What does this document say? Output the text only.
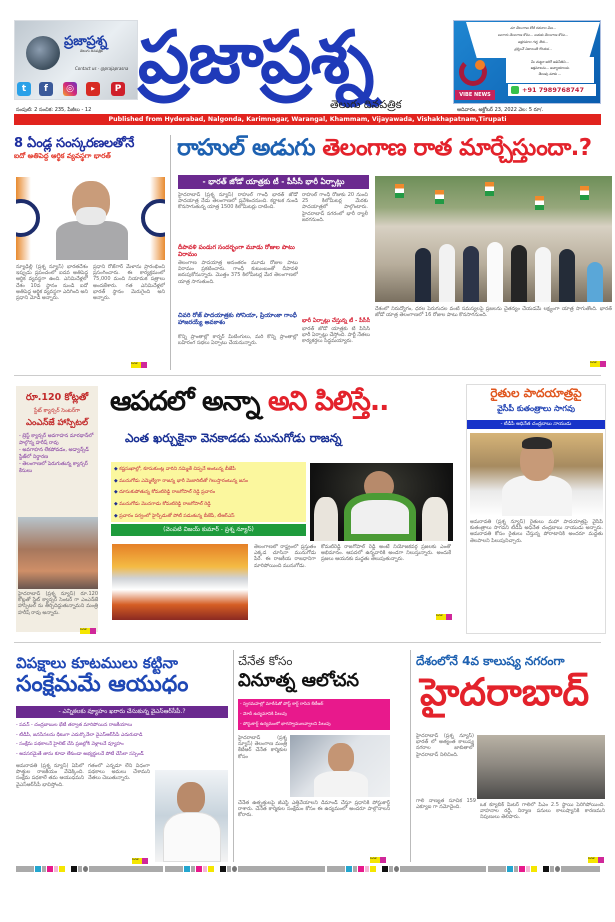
ప్రజాప్రశ్న
తెలుగు దినపత్రిక
Contact us - @prajaprasna
t	f	◎	▶	P ప్రజాప్రశ్న
తెలుగు దినపత్రిక
మా తెలంగాణ కోటి రతనాల వీణ...
బంగారు తెలంగాణ కోసం... బతుకు తెలంగాణ కోసం...
అక్షరమాల గళ్ళ తీరు...
ప్రశ్నించే నిజాయితీ గొంతుక...
VIBE NEWS
మీ చుట్టూ జరిగే అవినీతిని...
అక్రమాలను... అన్యాయాలను
తెలుపు మాకు ...
+91 7989768747
సంపుటి: 2 సంచిక: 235, పేజీలు - 12	ఆదివారం, అక్టోబర్ 23, 2022 వెల: 5 రూ/.
Published from Hyderabad, Nalgonda, Karimnagar, Warangal, Khammam, Vijayawada, Vishakhapatnam,Tirupati
8 ఏండ్ల సంస్కరణలతోనే
ఐదో అతిపెద్ద ఆర్థిక వ్యవస్థగా భారత్
న్యూఢిల్లీ (ప్రశ్న న్యూస్) భారతదేశం ఇప్పుడు ప్రపంచంలో ఐదవ అతిపెద్ద ఆర్థిక వ్యవస్థగా ఉంది. ఎనిమిదేళ్లలో దేశం 10వ స్థానం నుండి ఐదో అతిపెద్ద ఆర్థిక వ్యవస్థగా ఎదిగింది అని ప్రధాని మోడీ అన్నారు.
ప్రధాని రోజ్‌గార్ మేళాను ప్రారంభించి ప్రసంగించారు. ఈ కార్యక్రమంలో 75,000 మంది నియామక పత్రాలు అందజేశారు. గత ఎనిమిదేళ్లలో భారత్ స్థానం మెరుగైంది అని అన్నారు.
మిగతా
రాహుల్ అడుగు తెలంగాణ రాత మార్చేస్తుందా.?
- భారత్ జోడో యాత్రకు టీ - పీసీసీ భారీ ఏర్పాట్లు
హైదరాబాద్ (ప్రశ్న న్యూస్) రాహుల్ గాంధీ భారత్ జోడో పాదయాత్ర నేడు తెలంగాణలో ప్రవేశించనుంది. కర్ణాటక నుండి కొనసాగుతున్న యాత్ర 1500 కిలోమీటర్లు దాటింది.
రాహుల్ గాంధీ రోజుకు 20 నుంచి 25 కిలోమీటర్ల మేరకు పాదయాత్రలో పాల్గొంటారు. హైదరాబాద్ నగరంలో భారీ ర్యాలీ జరగనుంది.
దీపావళి పండుగ సందర్భంగా మూడు రోజుల పాటు విరామం
తెలంగాణ పాదయాత్ర అనంతరం మూడు రోజుల పాటు విరామం ప్రకటించారు. గాంధీ కుటుంబంతో దీపావళి జరుపుకోనున్నారు. మొత్తం 375 కిలోమీటర్ల మేర తెలంగాణలో యాత్ర సాగుతుంది.
చివరి రోజ్ పాదయాత్రకు సోనియా, ప్రియాంకా గాంధీ హాజరయ్యే అవకాశం
కొన్ని ప్రాంతాల్లో కార్నర్ మీటింగులు, మరి కొన్ని ప్రాంతాల్లో బహిరంగ సభలు ఏర్పాటు చేయనున్నారు.
భారీ ఏర్పాట్లు చేస్తున్న టీ - పీసీసీ
భారత్ జోడో యాత్రకు టీ పీసీసీ భారీ ఏర్పాట్లు చేస్తోంది. పార్టీ నేతలు కార్యకర్తలు సిద్ధమయ్యారు.
దేశంలో నిరుద్యోగం, ధరల పెరుగుదల వంటి సమస్యలపై ప్రజలను చైతన్యం చేయడమే లక్ష్యంగా యాత్ర సాగుతోంది. భారత్ జోడో యాత్ర తెలంగాణలో 16 రోజుల పాటు కొనసాగనుంది.
మిగతా
రూ.120 కోట్లతో
స్టేట్ క్యాన్సర్ సెంటర్‌గా
ఎంఎన్‌జే హాస్పిటల్
- బ్రెస్ట్ క్యాన్సర్ అవగాహన మారథాన్‌లో పాల్గొన్న హరీష్ రావు
- అవగాహన లేకపోవడం, అడ్వాన్స్‌డ్ స్టేజ్‌లో నిర్ధారణ
- తెలంగాణలో పెరుగుతున్న క్యాన్సర్ కేసులు
హైదరాబాద్ (ప్రశ్న న్యూస్) రూ.120 కోట్లతో స్టేట్ క్యాన్సర్ సెంటర్ గా ఎంఎన్‌జే హాస్పిటల్ ను తీర్చిదిద్దుతున్నామని మంత్రి హరీష్ రావు అన్నారు.
మిగతా
ఆపదలో అన్నా అని పిలిస్తే..
ఎంత ఖర్చుకైనా వెనకాడడు మునుగోడు రాజన్న
◆ కష్టసుఖాల్లో, కూసుకుంట్ల వారిని నమ్మితే చిప్పనే అంటున్న బీజేపీ
◆ మునుగోడు ఎమ్మెల్యేగా రాజన్న భారీ మెజారిటీతో గెలుస్తారంటున్న జనం
◆ దూసుకుపోతున్న కోమటిరెడ్డి రాజగోపాల్ రెడ్డి ప్రచారం
◆ మునుగోడు మొనగాడు కోమటిరెడ్డి రాజగోపాల్ రెడ్డి
◆ ప్రచారం పర్వంలో హైస్పీడుతో పోటీ పడుతున్న బీజేపీ, టీఆర్ఎస్
(వెంపటి విజయ్ కుమార్ - ప్రశ్న న్యూస్)
తెలంగాణలో రాష్ట్రంలో ప్రస్తుతం ఎక్కడ చూసినా మునుగోడు పేరే. ఈ రాజకీయ రాజధానిగా మారిపోయింది మునుగోడు.
కోమటిరెడ్డి రాజగోపాల్ రెడ్డి అంటే నియోజకవర్గ ప్రజలకు ఎంతో అభిమానం. ఆపదలో ఉన్నవారికి అండగా నిలుస్తున్నారు. అందుకే ప్రజలు ఆయనకు మద్దతు తెలుపుతున్నారు.
మిగతా
రైతుల పాదయాత్రపై
వైసీపీ కుతంత్రాలు సాగవు
- టీడీపీ అధినేత చంద్రబాబు నాయుడు
అమరావతి (ప్రశ్న న్యూస్) రైతులు మహా పాదయాత్రపై వైసీపీ కుతంత్రాలు సాగవని టీడీపీ అధినేత చంద్రబాబు నాయుడు అన్నారు. అమరావతి కోసం రైతులు చేస్తున్న పోరాటానికి అందరూ మద్దతు తెలపాలని పిలుపునిచ్చారు.
విపక్షాలు కూటములు కట్టినా
సంక్షేమమే ఆయుధం
- ఎన్నికలకు వ్యూహం ఖరారు చేసుకున్న వైఎస్ఆర్‌సీపీ.?
- పవన్ - చంద్రబాబుల భేటీ తర్వాత మారిపోయిన రాజకీయాలు
- టీడీపీ, జనసేనలను ధీటుగా ఎదుర్కొనేలా వైఎస్ఆర్‌సీపీ ఎదురుదాడి
- సంక్షేమ పథకాలనే హైలెట్ చేసి ప్రజల్లోకి వెళ్లాలనే వ్యూహం
- అవసరమైతే తాను కూడా లేకుండా అభ్యర్థులనే పోటీ చేసేలా సస్పెండ్
అమరావతి (ప్రశ్న న్యూస్) ఏపీలో పొత్తుల రాజకీయం వేడెక్కింది. సంక్షేమ పథకాలే తమ ఆయుధమని వైఎస్ఆర్‌సీపీ భావిస్తోంది.
గతంలో ఎన్నడూ లేని విధంగా పథకాలు అమలు చేశామని నేతలు చెబుతున్నారు.
మిగతా
చేనేత కోసం
వినూత్న ఆలోచన
- స్వరమహల్లో మారేడితో పోస్ట్ కార్డ్ రాసిన కేటీఆర్
- మోదీ ఉద్యమానికి పిలుపు
- పోస్టుకార్డ్ ఉద్యమంలో భాగస్వాములవ్వాలని పిలుపు
హైదరాబాద్ (ప్రశ్న న్యూస్) తెలంగాణ మంత్రి కేటీఆర్ చేనేత కార్మికుల కోసం
చేనేత ఉత్పత్తులపై జీఎస్టీ ఎత్తివేయాలని డిమాండ్ చేస్తూ ప్రధానికి పోస్టుకార్డ్ రాశారు. చేనేత కార్మికుల సంక్షేమం కోసం ఈ ఉద్యమంలో అందరూ పాల్గొనాలని కోరారు.
మిగతా
దేశంలోనే 4వ కాలుష్య నగరంగా
హైదరాబాద్
హైదరాబాద్ (ప్రశ్న న్యూస్) భారత్ లో అత్యంత కాలుష్య నగరాల జాబితాలో హైదరాబాద్ నిలిచింది.
గాలి నాణ్యత సూచిక 159 ఎక్యూఐ గా నమోదైంది.	ఒక క్యూబిక్ మీటర్ గాలిలో పీఎం 2.5 స్థాయి పెరిగిపోయింది. వాహనాల రద్దీ, నిర్మాణ పనులు కాలుష్యానికి కారణమని నిపుణులు తెలిపారు.
మిగతా
